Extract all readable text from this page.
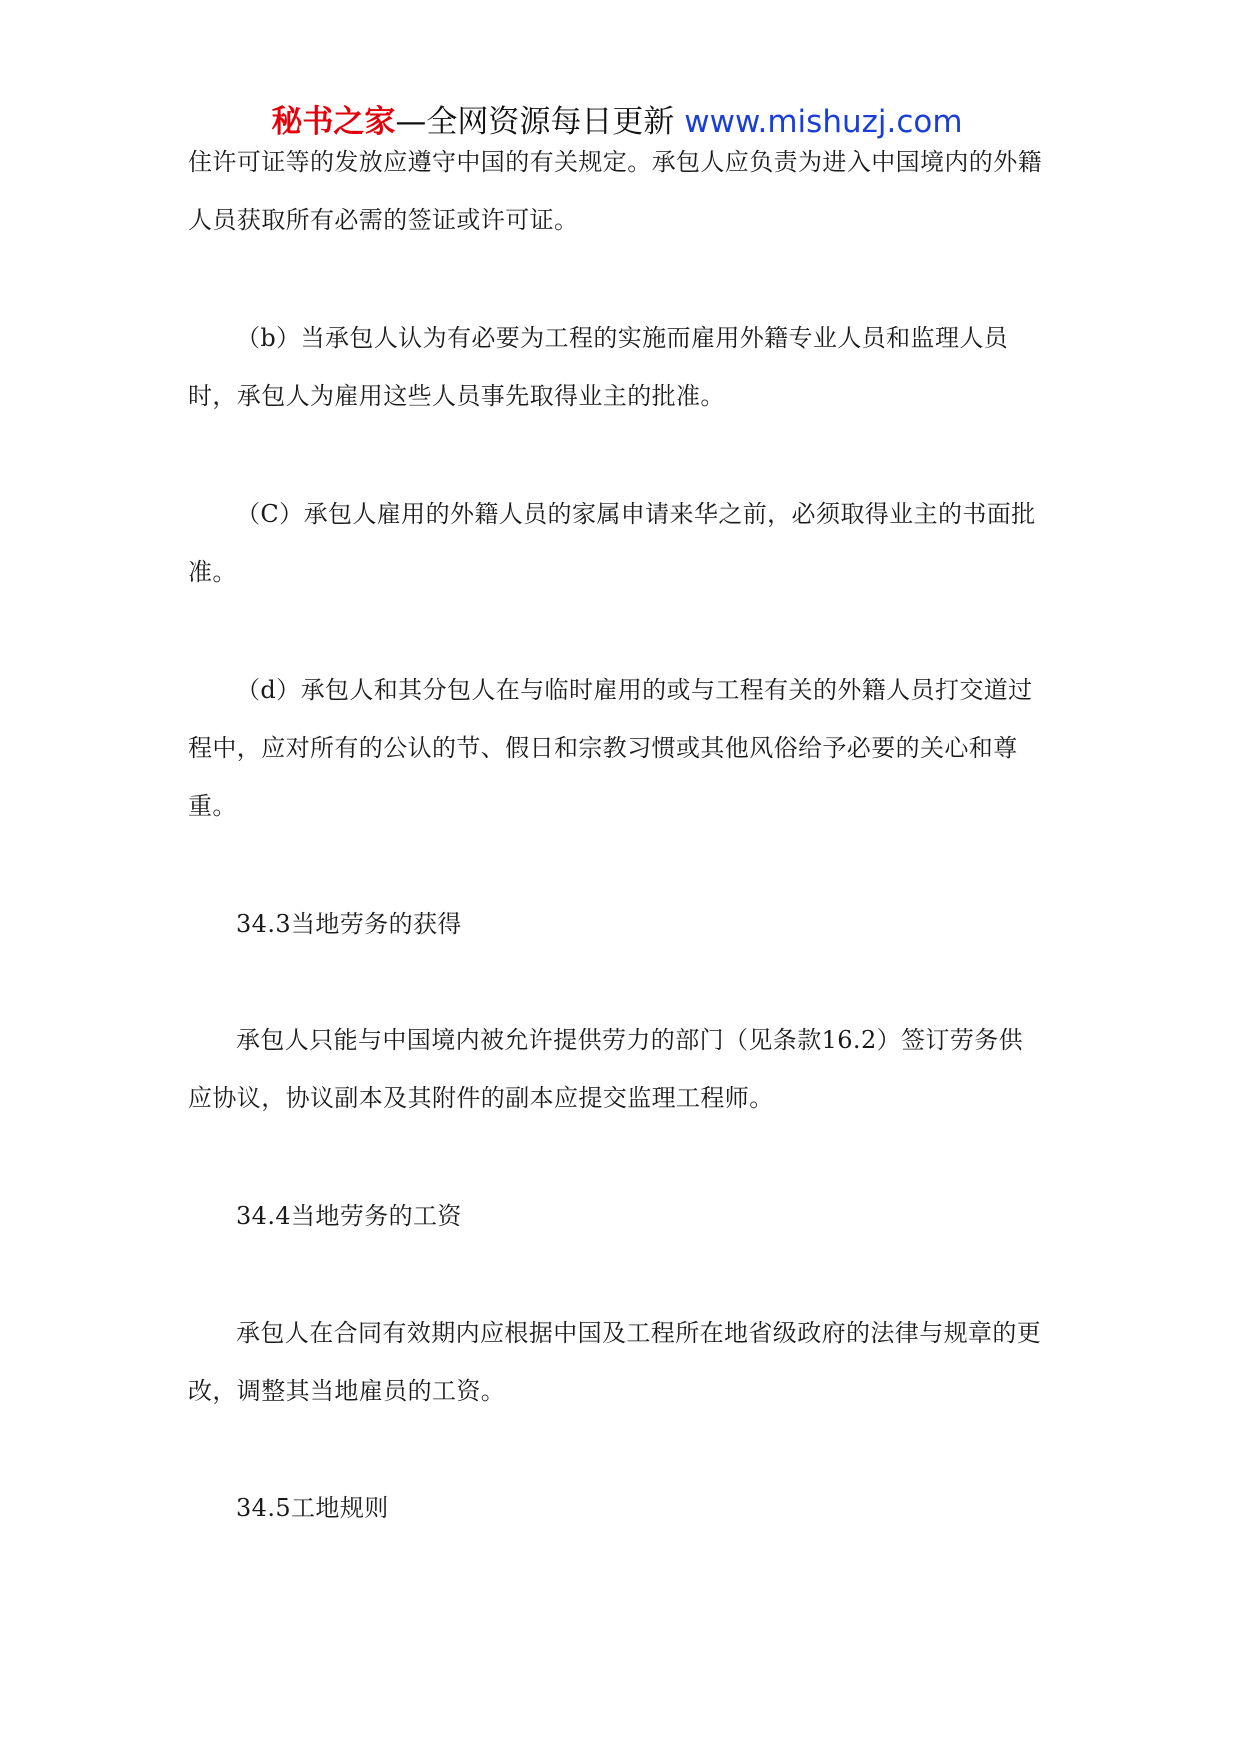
秘书之家—全网资源每日更新 www.mishuzj.com

住许可证等的发放应遵守中国的有关规定。承包人应负责为进入中国境内的外籍人员获取所有必需的签证或许可证。

（b）当承包人认为有必要为工程的实施而雇用外籍专业人员和监理人员时，承包人为雇用这些人员事先取得业主的批准。

（C）承包人雇用的外籍人员的家属申请来华之前，必须取得业主的书面批准。

（d）承包人和其分包人在与临时雇用的或与工程有关的外籍人员打交道过程中，应对所有的公认的节、假日和宗教习惯或其他风俗给予必要的关心和尊重。

34.3当地劳务的获得

承包人只能与中国境内被允许提供劳力的部门（见条款16.2）签订劳务供应协议，协议副本及其附件的副本应提交监理工程师。

34.4当地劳务的工资

承包人在合同有效期内应根据中国及工程所在地省级政府的法律与规章的更改，调整其当地雇员的工资。

34.5工地规则
